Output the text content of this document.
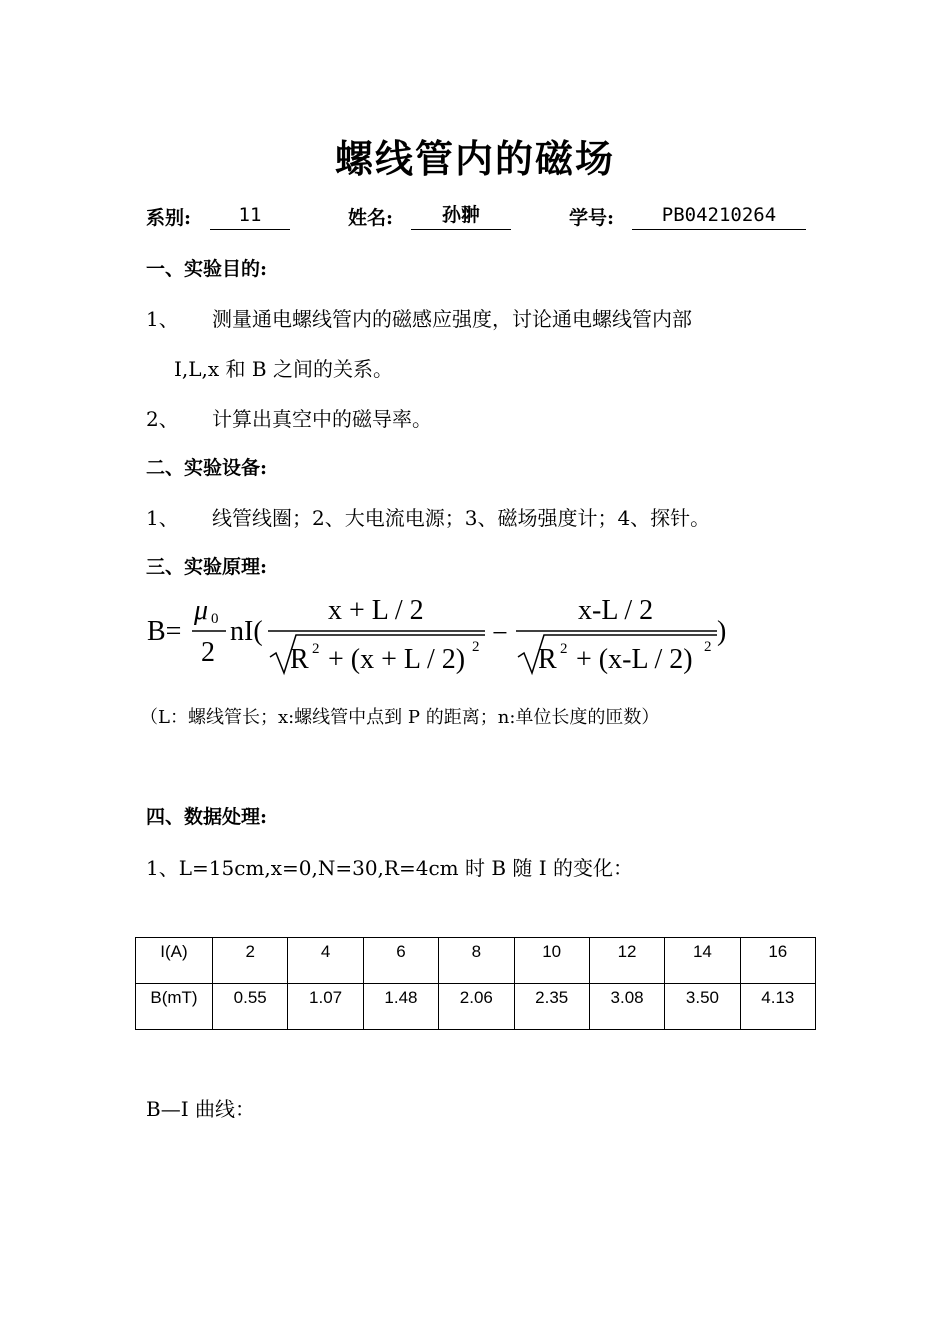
螺线管内的磁场
系别:	11	姓名:	孙翀	学号:	PB04210264
一、实验目的:
1、 测量通电螺线管内的磁感应强度，讨论通电螺线管内部
I,L,x 和 B 之间的关系。
2、 计算出真空中的磁导率。
二、实验设备:
1、 线管线圈；2、大电流电源；3、磁场强度计；4、探针。
三、实验原理:
B=
μ 0
2
nI(
x + L / 2
R 2 + (x + L / 2) 2 −
x-L / 2
R 2 + (x-L / 2) 2 )
（L：螺线管长；x:螺线管中点到 P 的距离；n:单位长度的匝数）
四、数据处理:
1、L=15cm,x=0,N=30,R=4cm 时 B 随 I 的变化：
I(A)	2	4	6	8	10	12	14	16
B(mT)	0.55	1.07	1.48	2.06	2.35	3.08	3.50	4.13
B—I 曲线：
